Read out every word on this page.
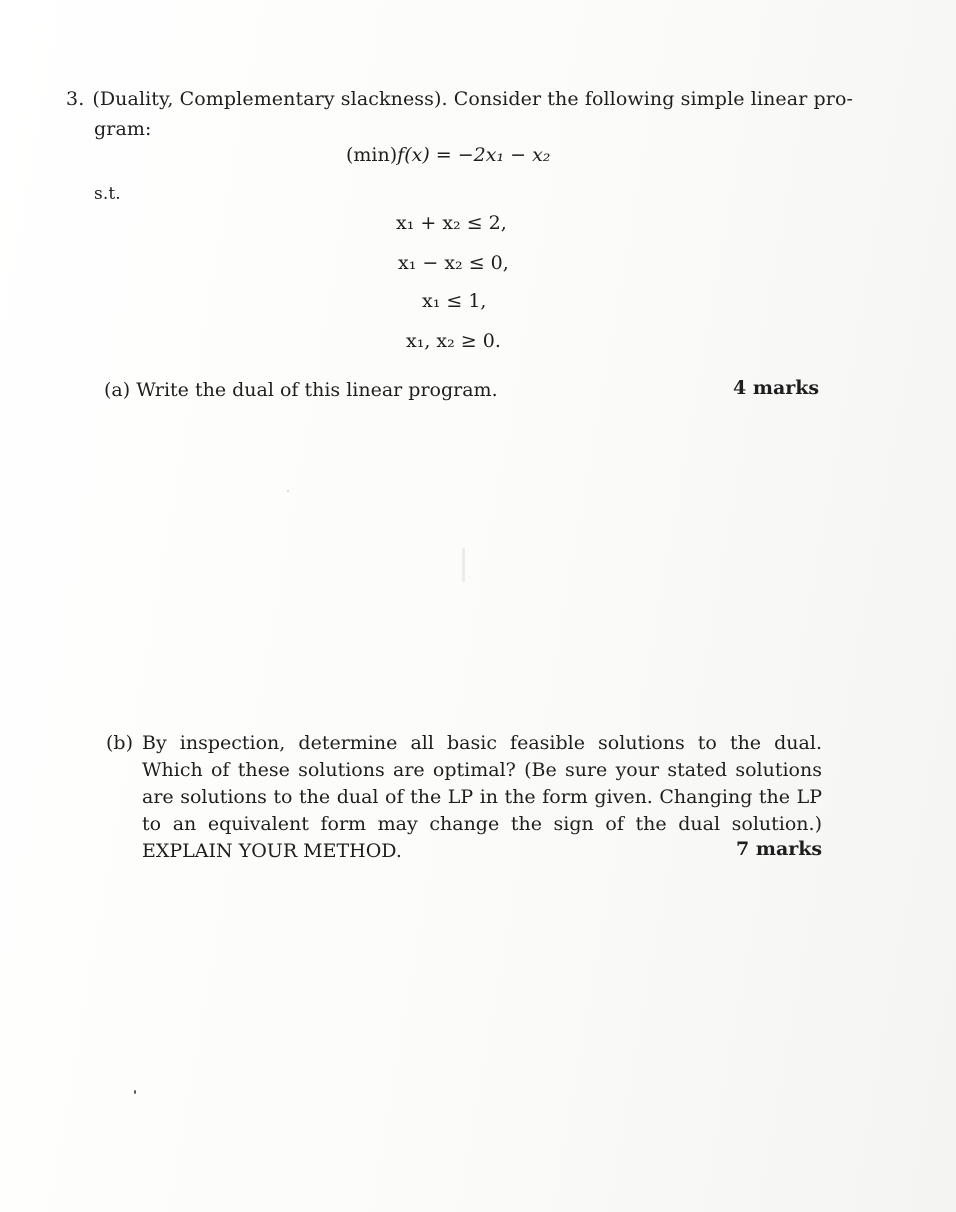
3. (Duality, Complementary slackness). Consider the following simple linear pro-
gram:
(min)f(x) = −2x₁ − x₂
s.t.
x₁ + x₂ ≤ 2,
x₁ − x₂ ≤ 0,
x₁ ≤ 1,
x₁, x₂ ≥ 0.
(a) Write the dual of this linear program.	4 marks
(b) By inspection, determine all basic feasible solutions to the dual. Which of these solutions are optimal? (Be sure your stated solutions are solutions to the dual of the LP in the form given. Changing the LP to an equivalent form may change the sign of the dual solution.) EXPLAIN YOUR METHOD.	7 marks
